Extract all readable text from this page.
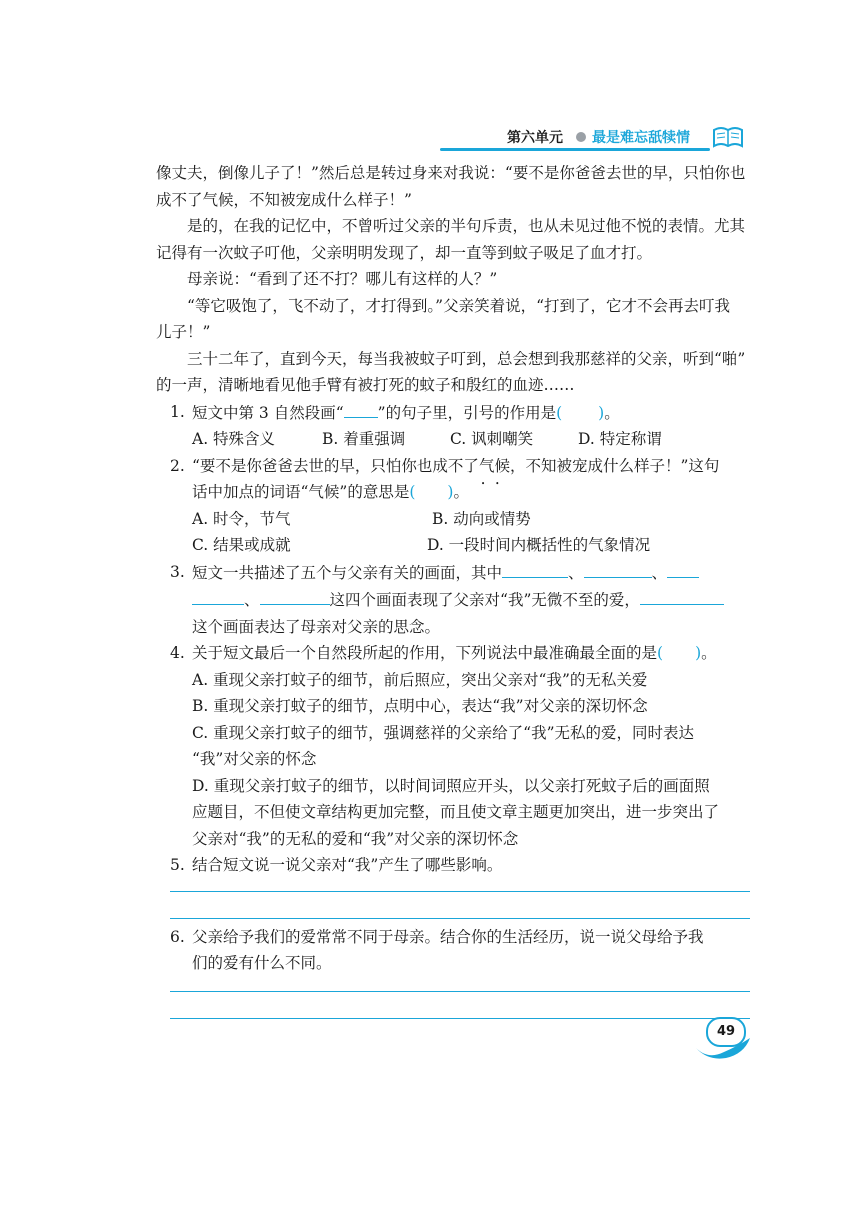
第六单元 最是难忘舐犊情

像丈夫，倒像儿子了！”然后总是转过身来对我说：“要不是你爸爸去世的早，只怕你也

成不了气候，不知被宠成什么样子！”

是的，在我的记忆中，不曾听过父亲的半句斥责，也从未见过他不悦的表情。尤其

记得有一次蚊子叮他，父亲明明发现了，却一直等到蚊子吸足了血才打。

母亲说：“看到了还不打？哪儿有这样的人？”

“等它吸饱了，飞不动了，才打得到。”父亲笑着说，“打到了，它才不会再去叮我

儿子！”

三十二年了，直到今天，每当我被蚊子叮到，总会想到我那慈祥的父亲，听到“啪”

的一声，清晰地看见他手臂有被打死的蚊子和殷红的血迹……

1. 短文中第 3 自然段画“ ”的句子里，引号的作用是( )。
A. 特殊含义	B. 着重强调	C. 讽刺嘲笑	D. 特定称谓
2. “要不是你爸爸去世的早，只怕你也成不了气候 • •，不知被宠成什么样子！”这句
话中加点的词语“气候”的意思是( )。
A. 时令，节气	B. 动向或情势
C. 结果或成就	D. 一段时间内概括性的气象情况
3. 短文一共描述了五个与父亲有关的画面，其中	、	、
、	这四个画面表现了父亲对“我”无微不至的爱，
这个画面表达了母亲对父亲的思念。
4. 关于短文最后一个自然段所起的作用，下列说法中最准确最全面的是( )。

A. 重现父亲打蚊子的细节，前后照应，突出父亲对“我”的无私关爱

B. 重现父亲打蚊子的细节，点明中心，表达“我”对父亲的深切怀念

C. 重现父亲打蚊子的细节，强调慈祥的父亲给了“我”无私的爱，同时表达

“我”对父亲的怀念

D. 重现父亲打蚊子的细节，以时间词照应开头，以父亲打死蚊子后的画面照

应题目，不但使文章结构更加完整，而且使文章主题更加突出，进一步突出了

父亲对“我”的无私的爱和“我”对父亲的深切怀念

5. 结合短文说一说父亲对“我”产生了哪些影响。
6. 父亲给予我们的爱常常不同于母亲。结合你的生活经历，说一说父母给予我
们的爱有什么不同。
49
